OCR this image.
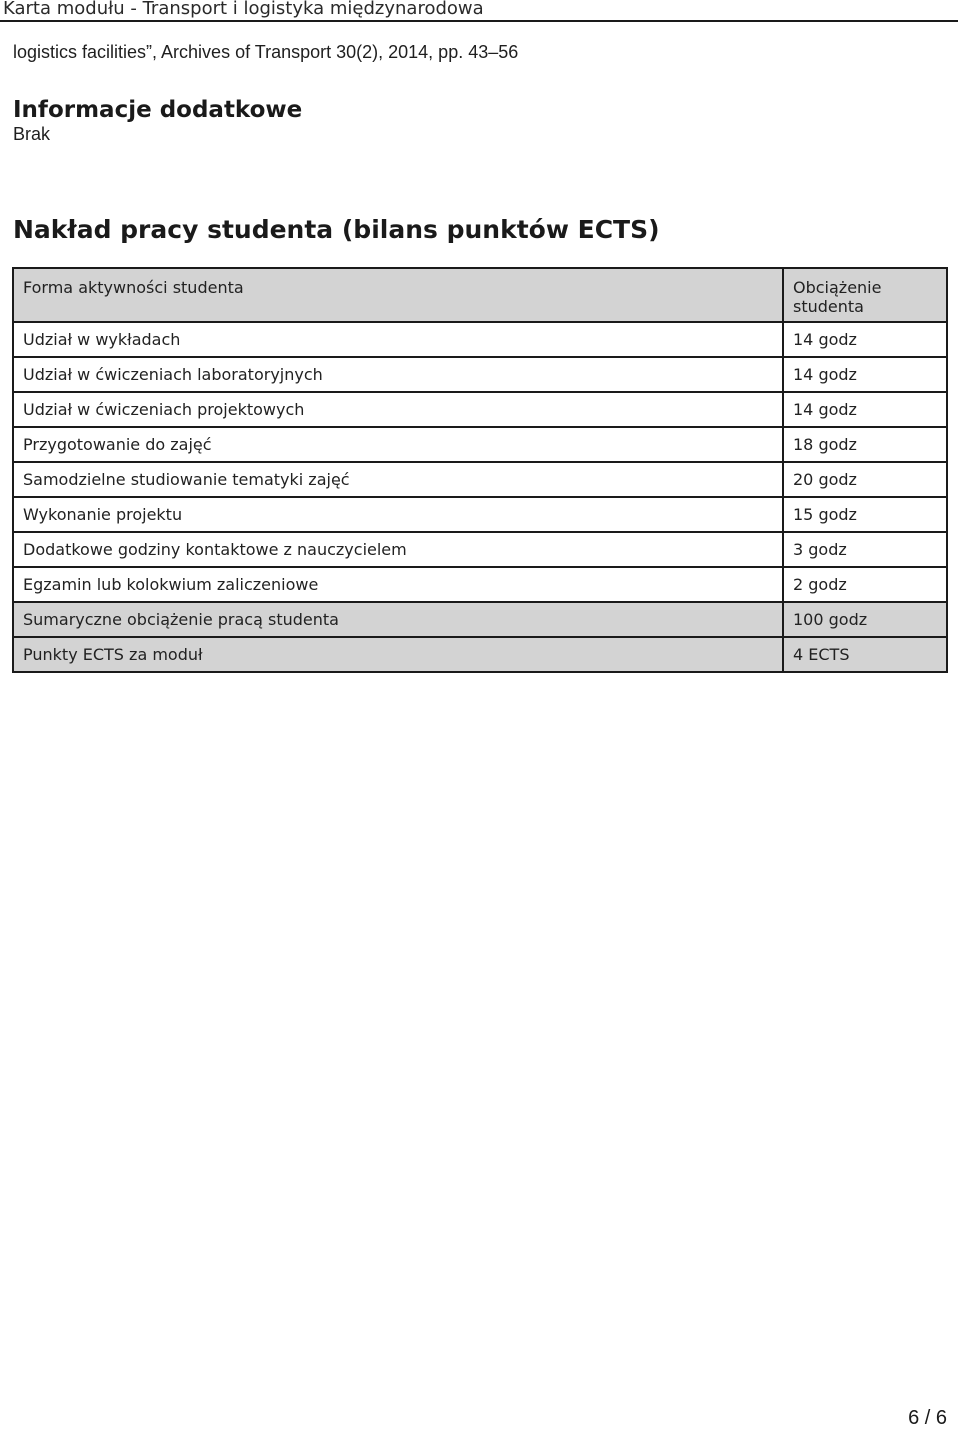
Karta modułu - Transport i logistyka międzynarodowa
logistics facilities”, Archives of Transport 30(2), 2014, pp. 43–56
Informacje dodatkowe
Brak
Nakład pracy studenta (bilans punktów ECTS)
Forma aktywności studenta	Obciążenie studenta
Udział w wykładach	14 godz
Udział w ćwiczeniach laboratoryjnych	14 godz
Udział w ćwiczeniach projektowych	14 godz
Przygotowanie do zajęć	18 godz
Samodzielne studiowanie tematyki zajęć	20 godz
Wykonanie projektu	15 godz
Dodatkowe godziny kontaktowe z nauczycielem	3 godz
Egzamin lub kolokwium zaliczeniowe	2 godz
Sumaryczne obciążenie pracą studenta	100 godz
Punkty ECTS za moduł	4 ECTS
6 / 6
